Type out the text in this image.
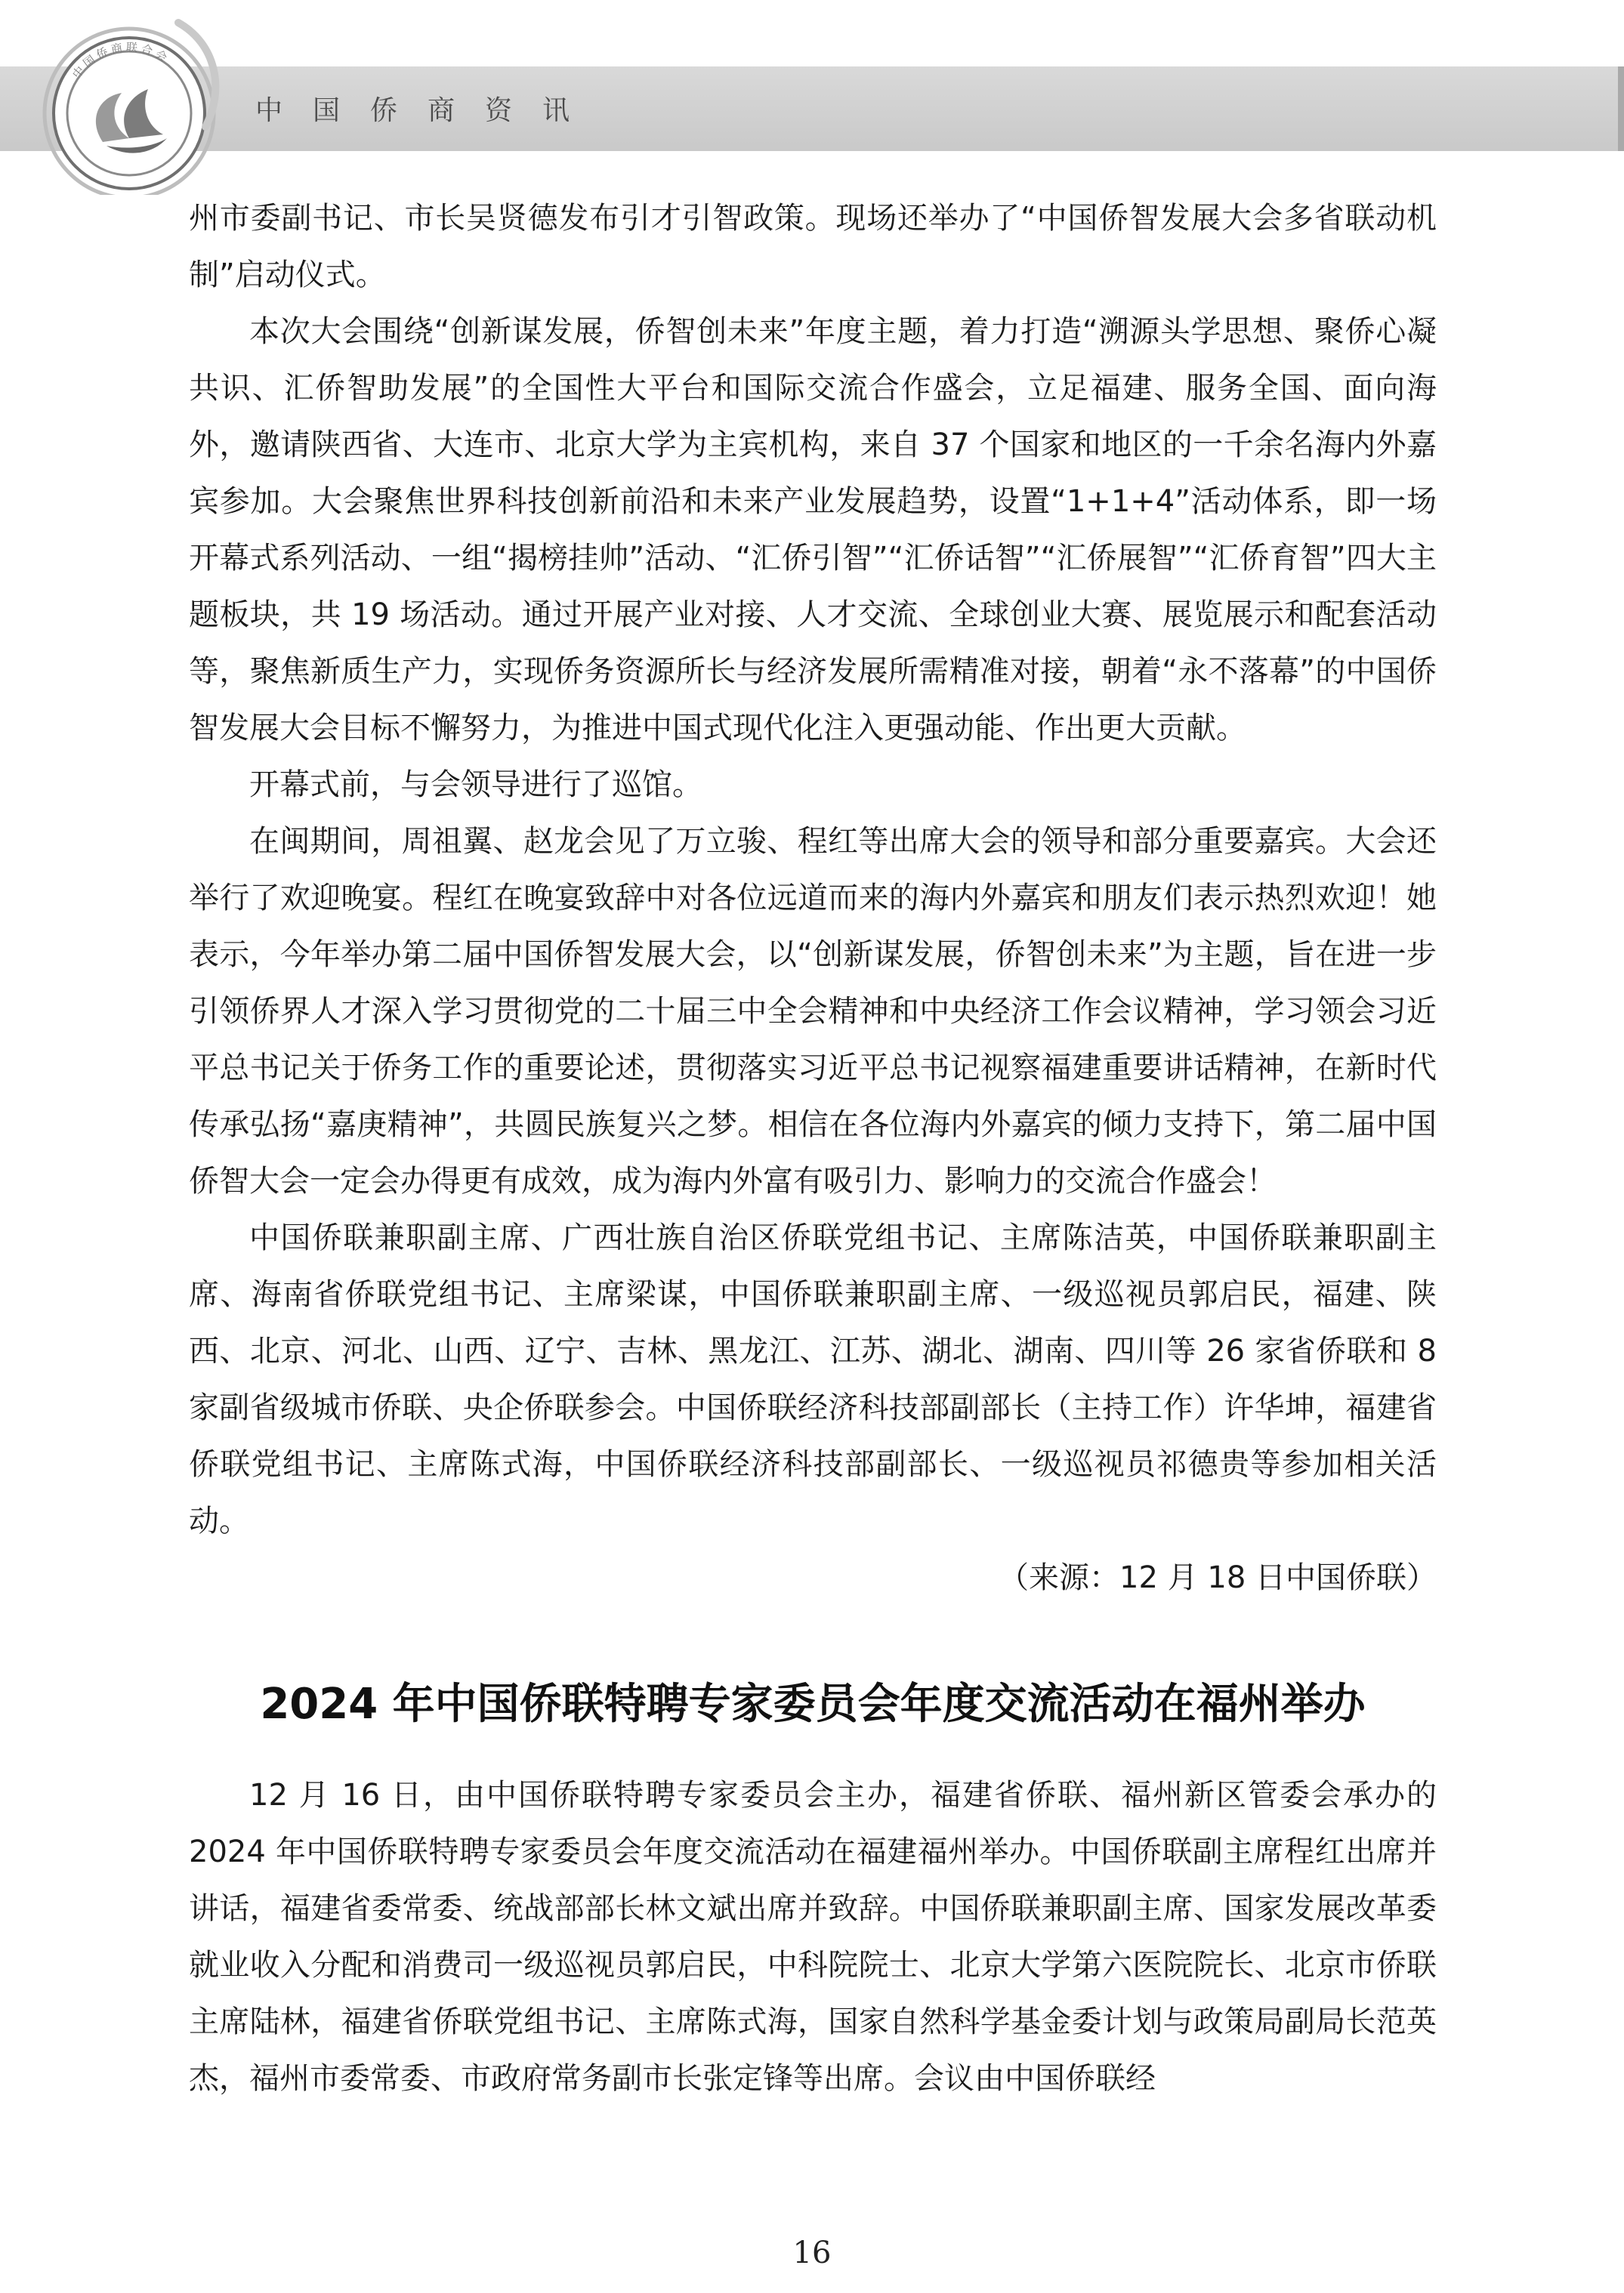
中国侨商资讯
中国侨商联合会

州市委副书记、市长吴贤德发布引才引智政策。现场还举办了“中国侨智发展大会多省联动机制”启动仪式。

本次大会围绕“创新谋发展，侨智创未来”年度主题，着力打造“溯源头学思想、聚侨心凝共识、汇侨智助发展”的全国性大平台和国际交流合作盛会，立足福建、服务全国、面向海外，邀请陕西省、大连市、北京大学为主宾机构，来自 37 个国家和地区的一千余名海内外嘉宾参加。大会聚焦世界科技创新前沿和未来产业发展趋势，设置“1+1+4”活动体系，即一场开幕式系列活动、一组“揭榜挂帅”活动、“汇侨引智”“汇侨话智”“汇侨展智”“汇侨育智”四大主题板块，共 19 场活动。通过开展产业对接、人才交流、全球创业大赛、展览展示和配套活动等，聚焦新质生产力，实现侨务资源所长与经济发展所需精准对接，朝着“永不落幕”的中国侨智发展大会目标不懈努力，为推进中国式现代化注入更强动能、作出更大贡献。

开幕式前，与会领导进行了巡馆。

在闽期间，周祖翼、赵龙会见了万立骏、程红等出席大会的领导和部分重要嘉宾。大会还举行了欢迎晚宴。程红在晚宴致辞中对各位远道而来的海内外嘉宾和朋友们表示热烈欢迎！她表示，今年举办第二届中国侨智发展大会，以“创新谋发展，侨智创未来”为主题，旨在进一步引领侨界人才深入学习贯彻党的二十届三中全会精神和中央经济工作会议精神，学习领会习近平总书记关于侨务工作的重要论述，贯彻落实习近平总书记视察福建重要讲话精神，在新时代传承弘扬“嘉庚精神”，共圆民族复兴之梦。相信在各位海内外嘉宾的倾力支持下，第二届中国侨智大会一定会办得更有成效，成为海内外富有吸引力、影响力的交流合作盛会！

中国侨联兼职副主席、广西壮族自治区侨联党组书记、主席陈洁英，中国侨联兼职副主席、海南省侨联党组书记、主席梁谋，中国侨联兼职副主席、一级巡视员郭启民，福建、陕西、北京、河北、山西、辽宁、吉林、黑龙江、江苏、湖北、湖南、四川等 26 家省侨联和 8 家副省级城市侨联、央企侨联参会。中国侨联经济科技部副部长（主持工作）许华坤，福建省侨联党组书记、主席陈式海，中国侨联经济科技部副部长、一级巡视员祁德贵等参加相关活动。

（来源：12 月 18 日中国侨联）

2024 年中国侨联特聘专家委员会年度交流活动在福州举办

12 月 16 日，由中国侨联特聘专家委员会主办，福建省侨联、福州新区管委会承办的 2024 年中国侨联特聘专家委员会年度交流活动在福建福州举办。中国侨联副主席程红出席并讲话，福建省委常委、统战部部长林文斌出席并致辞。中国侨联兼职副主席、国家发展改革委就业收入分配和消费司一级巡视员郭启民，中科院院士、北京大学第六医院院长、北京市侨联主席陆林，福建省侨联党组书记、主席陈式海，国家自然科学基金委计划与政策局副局长范英杰，福州市委常委、市政府常务副市长张定锋等出席。会议由中国侨联经

16
